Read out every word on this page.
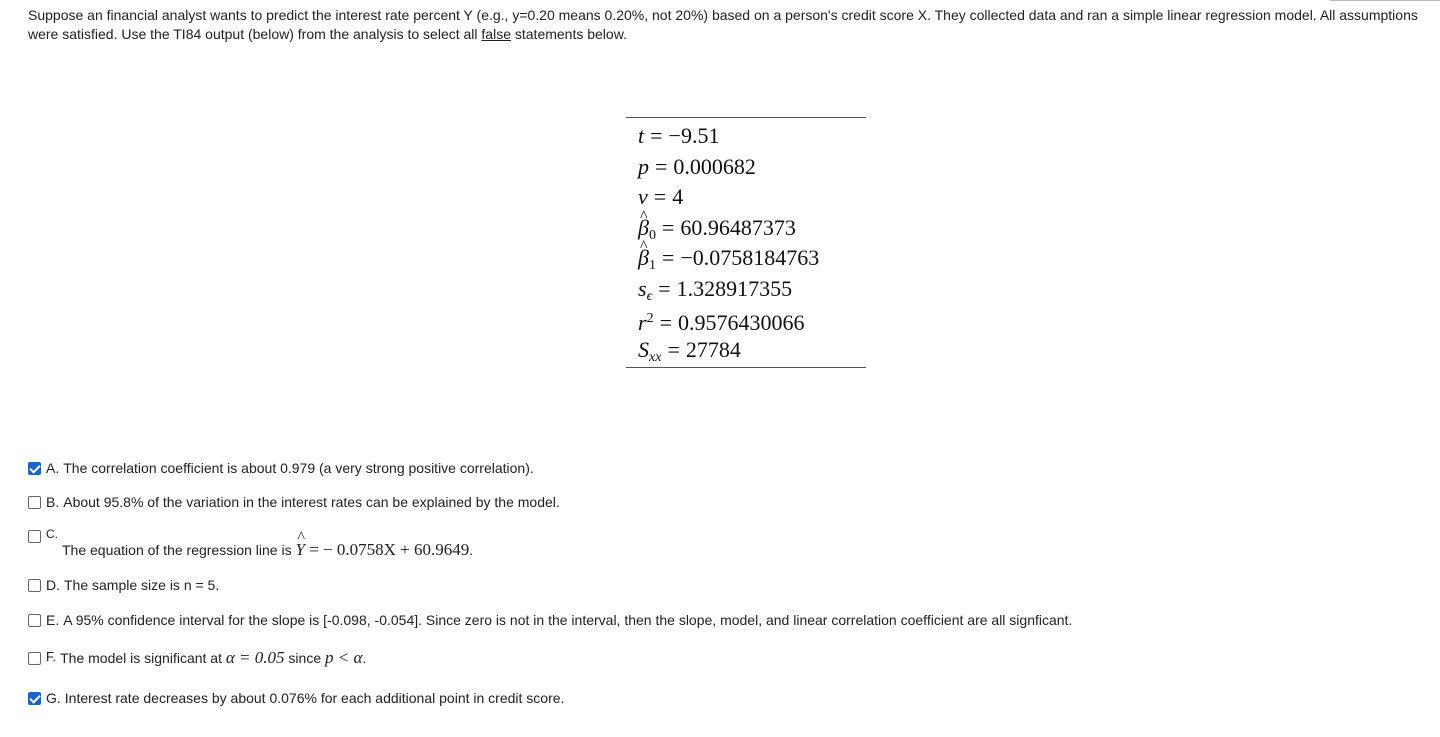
Suppose an financial analyst wants to predict the interest rate percent Y (e.g., y=0.20 means 0.20%, not 20%) based on a person's credit score X. They collected data and ran a simple linear regression model. All assumptions were satisfied. Use the TI84 output (below) from the analysis to select all false statements below.
t = −9.51
p = 0.000682
ν = 4
^ $\beta_0 = 60.96487373$
^ $\beta_1 = -0.0758184763$
$s_\epsilon = 1.328917355$
$r^2 = 0.9576430066$
$S_{xx} = 27784$
A. The correlation coefficient is about 0.979 (a very strong positive correlation).
B. About 95.8% of the variation in the interest rates can be explained by the model.
C.
The equation of the regression line is ^ Y = − 0.0758X + 60.9649.
D. The sample size is n = 5.
E. A 95% confidence interval for the slope is [-0.098, -0.054]. Since zero is not in the interval, then the slope, model, and linear correlation coefficient are all signficant.
F. The model is significant at α = 0.05 since p < α.
G. Interest rate decreases by about 0.076% for each additional point in credit score.
